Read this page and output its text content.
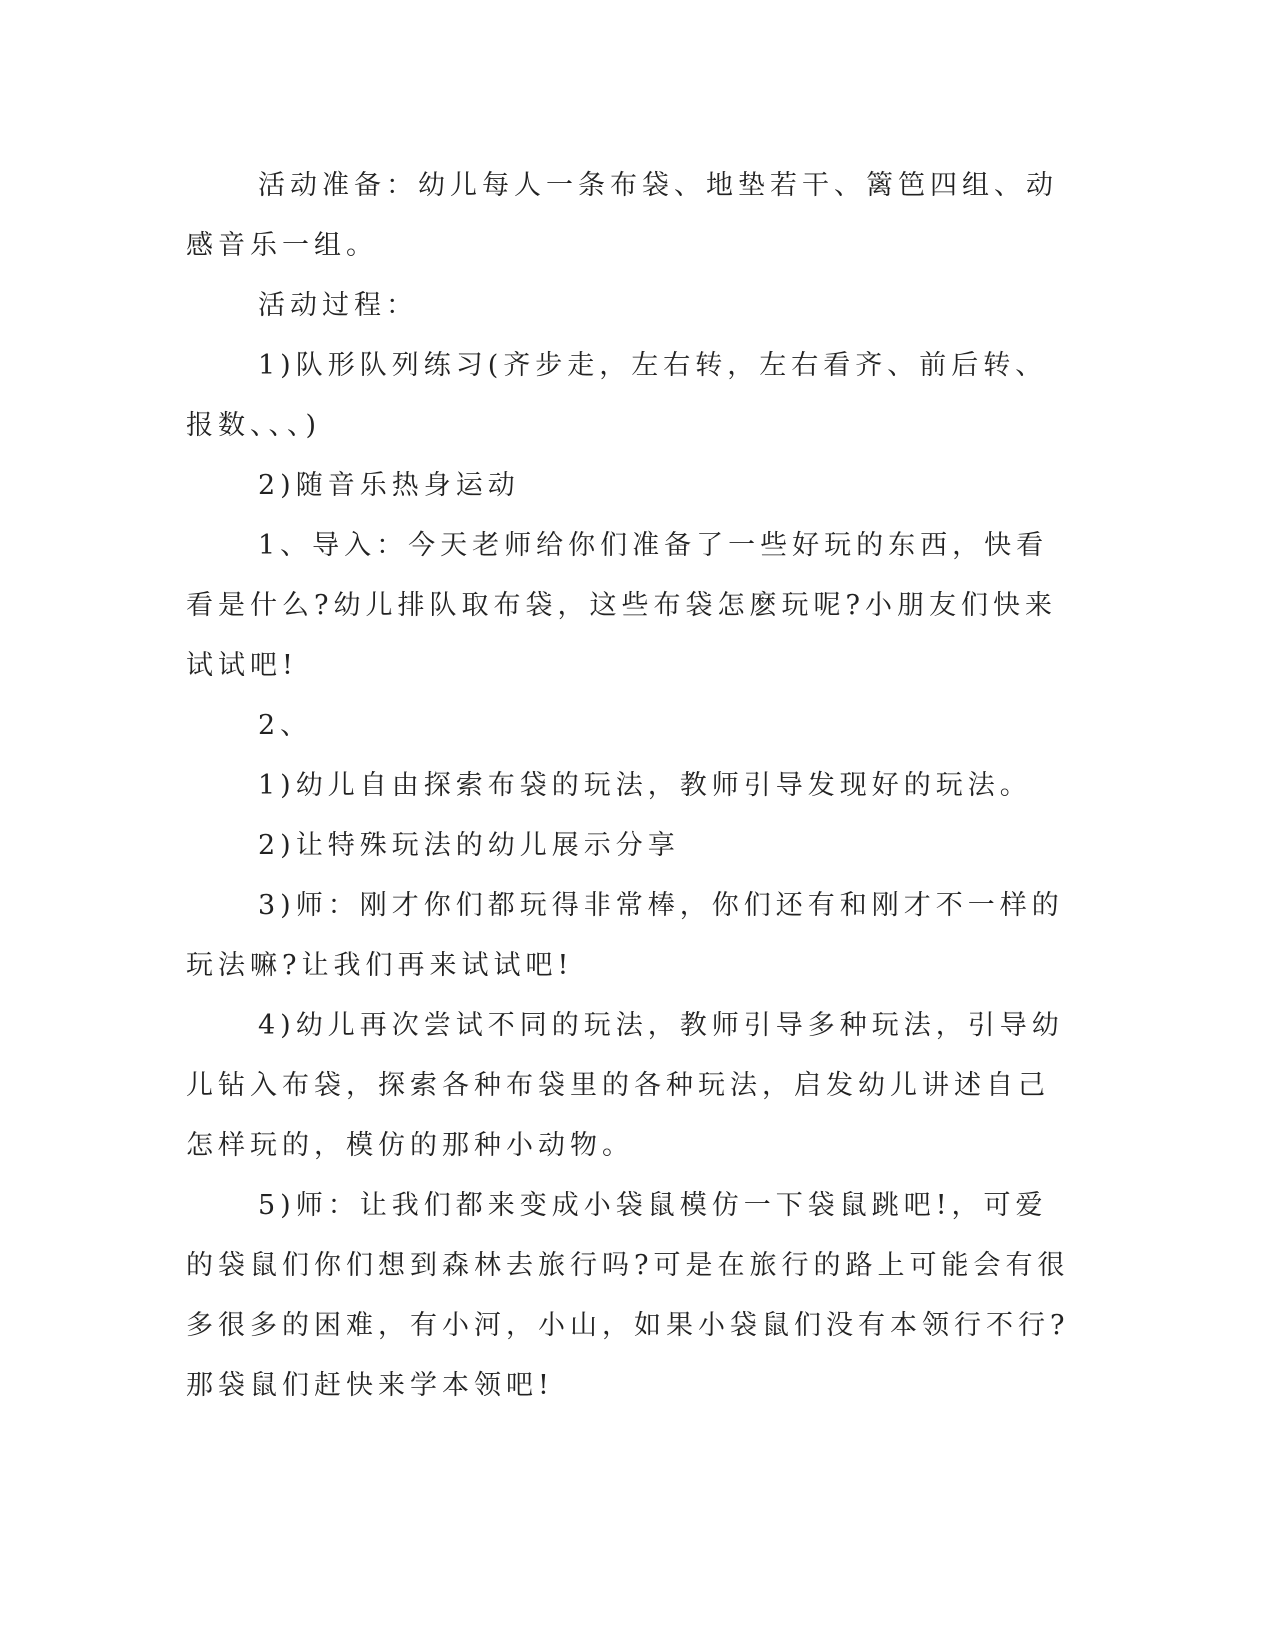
活动准备：幼儿每人一条布袋、地垫若干、篱笆四组、动感音乐一组。

活动过程：

1)队形队列练习(齐步走，左右转，左右看齐、前后转、报数、、、)

2)随音乐热身运动

1、导入：今天老师给你们准备了一些好玩的东西，快看看是什么?幼儿排队取布袋，这些布袋怎麽玩呢?小朋友们快来试试吧!

2、

1)幼儿自由探索布袋的玩法，教师引导发现好的玩法。

2)让特殊玩法的幼儿展示分享

3)师：刚才你们都玩得非常棒，你们还有和刚才不一样的玩法嘛?让我们再来试试吧!

4)幼儿再次尝试不同的玩法，教师引导多种玩法，引导幼儿钻入布袋，探索各种布袋里的各种玩法，启发幼儿讲述自己怎样玩的，模仿的那种小动物。

5)师：让我们都来变成小袋鼠模仿一下袋鼠跳吧!，可爱的袋鼠们你们想到森林去旅行吗?可是在旅行的路上可能会有很多很多的困难，有小河，小山，如果小袋鼠们没有本领行不行?那袋鼠们赶快来学本领吧!
